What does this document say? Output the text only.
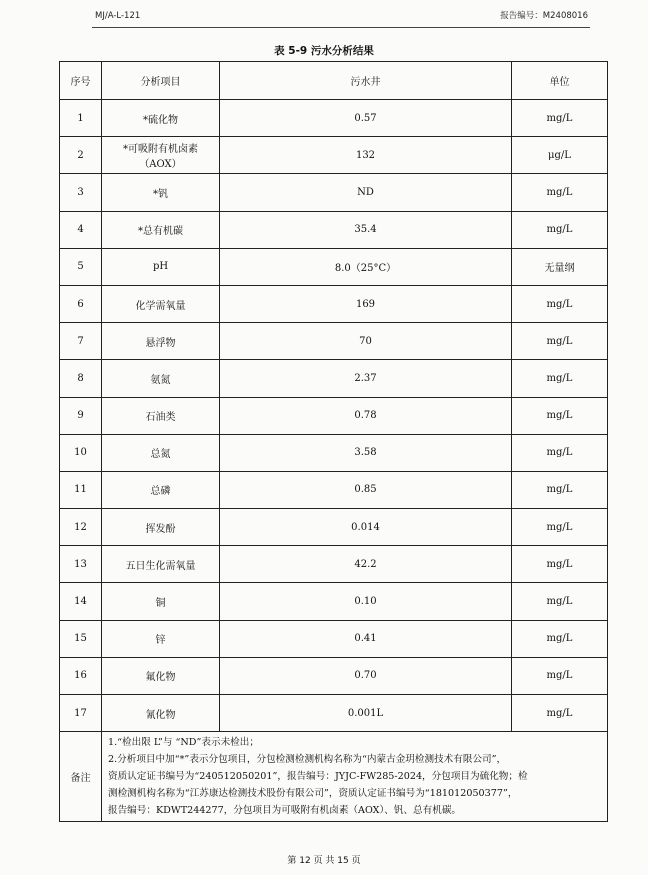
MJ/A-L-121	报告编号：M2408016
表 5-9 污水分析结果
序号	分析项目	污水井	单位
1	*硫化物	0.57	mg/L
2	*可吸附有机卤素（AOX）	132	μg/L
3	*钒	ND	mg/L
4	*总有机碳	35.4	mg/L
5	pH	8.0（25°C）	无量纲
6	化学需氧量	169	mg/L
7	悬浮物	70	mg/L
8	氨氮	2.37	mg/L
9	石油类	0.78	mg/L
10	总氮	3.58	mg/L
11	总磷	0.85	mg/L
12	挥发酚	0.014	mg/L
13	五日生化需氧量	42.2	mg/L
14	铜	0.10	mg/L
15	锌	0.41	mg/L
16	氟化物	0.70	mg/L
17	氰化物	0.001L	mg/L
备注	1.“检出限 L”与 “ND”表示未检出；
2.分析项目中加“*”表示分包项目，分包检测检测机构名称为“内蒙古金玥检测技术有限公司”，
资质认定证书编号为“240512050201”，报告编号：JYJC-FW285-2024，分包项目为硫化物；检
测检测机构名称为“江苏康达检测技术股份有限公司”，资质认定证书编号为“181012050377”，
报告编号：KDWT244277，分包项目为可吸附有机卤素（AOX）、钒、总有机碳。		
第 12 页 共 15 页
